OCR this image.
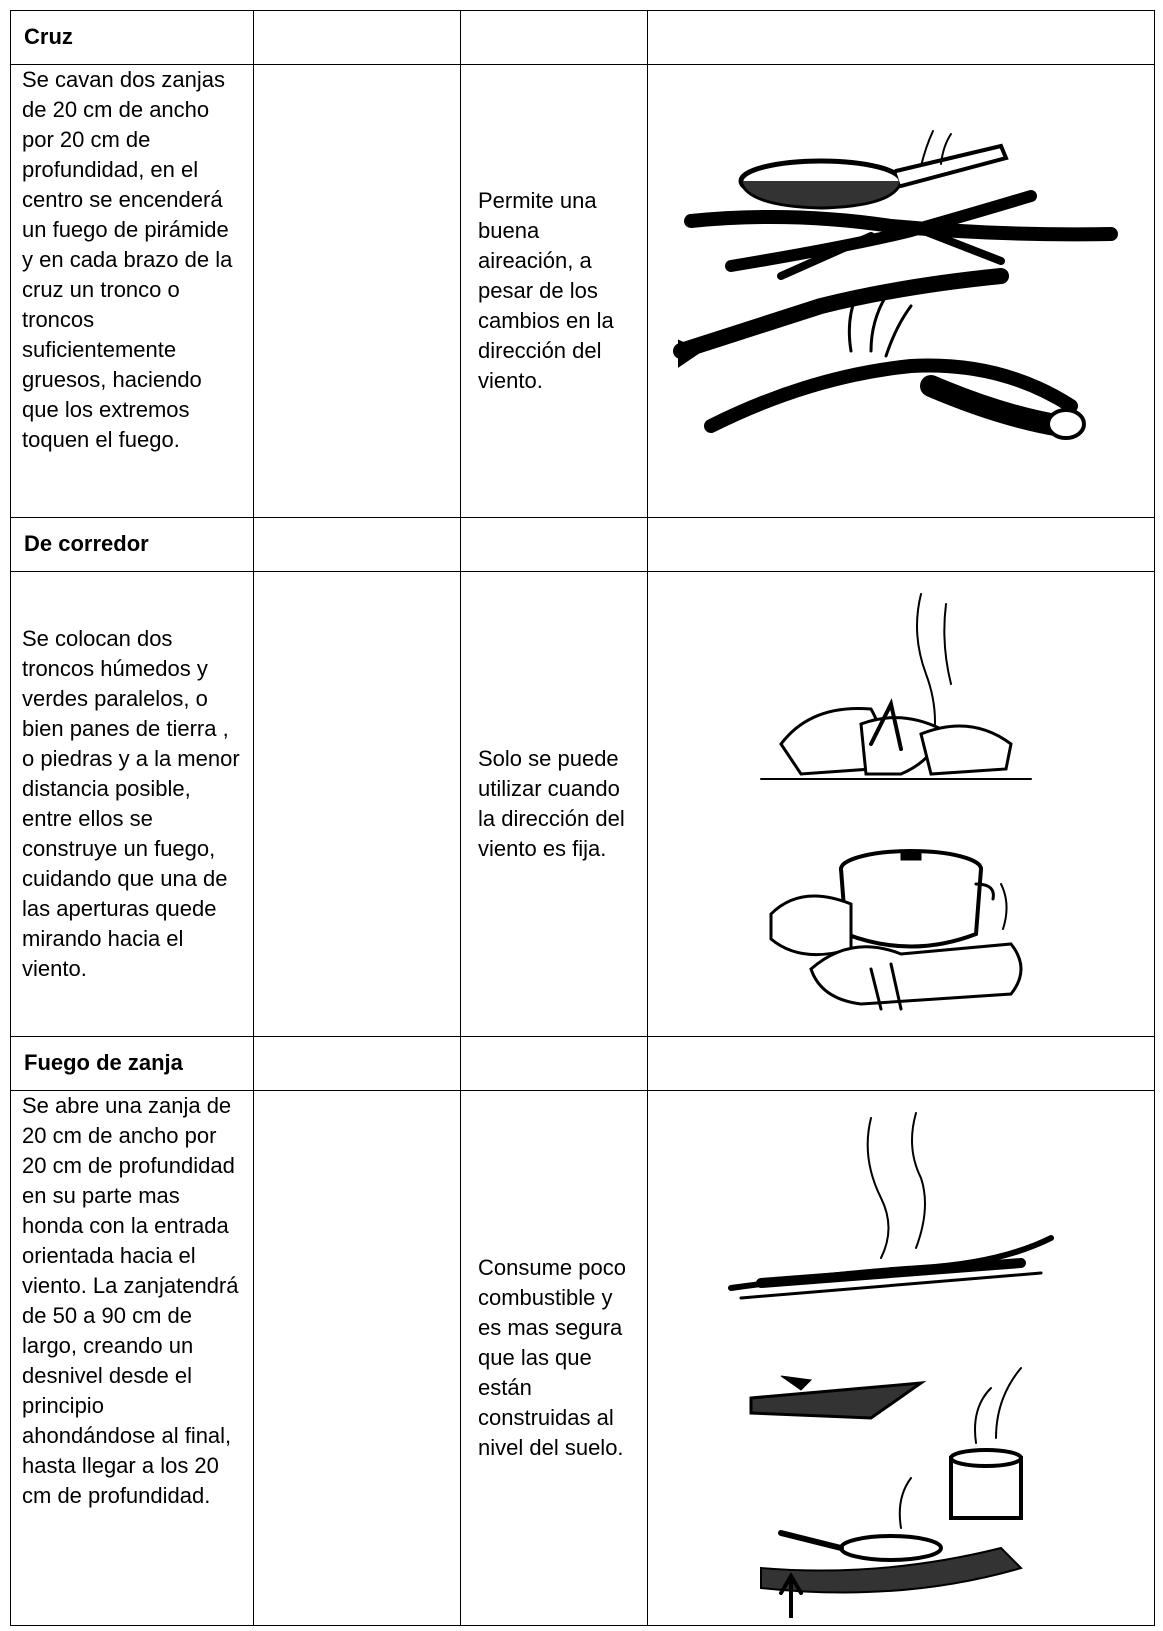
Cruz			

Se cavan dos zanjas de 20 cm de ancho por 20 cm de profundidad, en el centro se encenderá un fuego de pirámide y en cada brazo de la cruz un tronco o troncos suficientemente gruesos, haciendo que los extremos toquen el fuego.		Permite una buena aireación, a pesar de los cambios en la dirección del viento.	

De corredor			

Se colocan dos troncos húmedos y verdes paralelos, o bien panes de tierra , o piedras y a la menor distancia posible, entre ellos se construye un fuego, cuidando que una de las aperturas quede mirando hacia el viento.		Solo se puede utilizar cuando la dirección del viento es fija.	

Fuego de zanja			

Se abre una zanja de 20 cm de ancho por 20 cm de profundidad en su parte mas honda con la entrada orientada hacia el viento. La zanjatendrá de 50 a 90 cm de largo, creando un desnivel desde el principio ahondándose al final, hasta llegar a los 20 cm de profundidad.		Consume poco combustible y es mas segura que las que están construidas al nivel del suelo.	
